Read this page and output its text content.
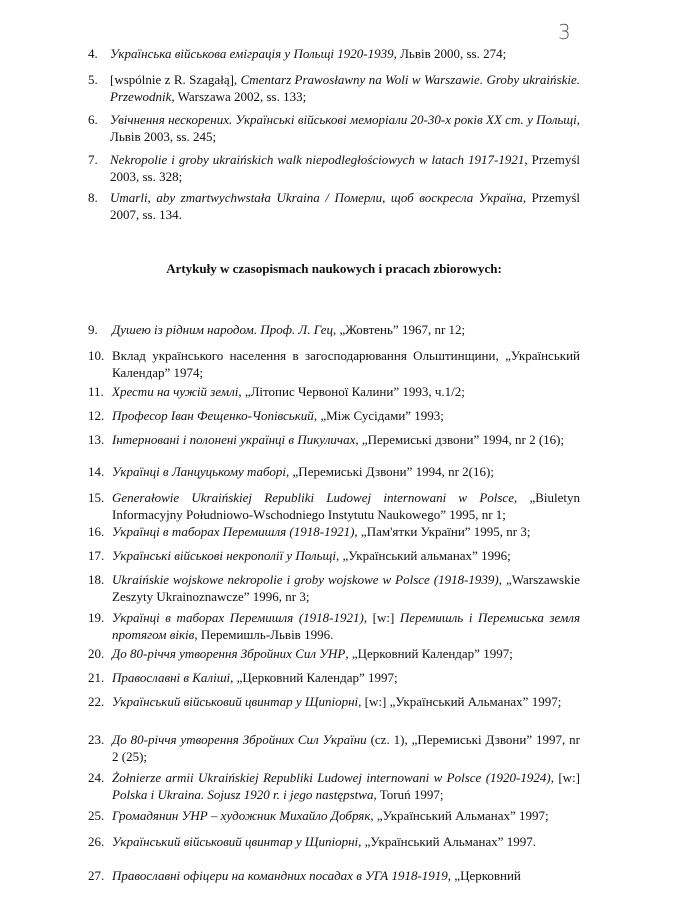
3
Artykuły w czasopismach naukowych i pracach zbiorowych:
4. Українська військова еміграція у Польщі 1920-1939, Львів 2000, ss. 274;
5. [wspólnie z R. Szagałą], Cmentarz Prawosławny na Woli w Warszawie. Groby ukraińskie. Przewodnik, Warszawa 2002, ss. 133;
6. Увічнення нескорених. Українські військові меморіали 20-30-х років XX ст. у Польщі, Львів 2003, ss. 245;
7. Nekropolie i groby ukraińskich walk niepodległościowych w latach 1917-1921, Przemyśl 2003, ss. 328;
8. Umarli, aby zmartwychwstała Ukraina / Померли, щоб воскресла Україна, Przemyśl 2007, ss. 134.
9.	Душею із рідним народом. Проф. Л. Гец, „Жовтень” 1967, nr 12;
10. Вклад українського населення в загосподарювання Ольштинщини, „Український Календар” 1974;
11. Хрести на чужій землі, „Літопис Червоної Калини” 1993, ч.1/2;
12. Професор Іван Фещенко-Чопівський, „Між Сусідами” 1993;
13. Інтерновані і полонені українці в Пикуличах, „Перемиські дзвони” 1994, nr 2 (16);
14. Українці в Ланцуцькому таборі, „Перемиські Дзвони” 1994, nr 2(16);
15. Generałowie Ukraińskiej Republiki Ludowej internowani w Polsce, „Biuletyn Informacyjny Południowo-Wschodniego Instytutu Naukowego” 1995, nr 1;
16. Українці в таборах Перемишля (1918-1921), „Пам'ятки України” 1995, nr 3;
17. Українські військові некрополії у Польщі, „Український альманах” 1996;
18. Ukraińskie wojskowe nekropolie i groby wojskowe w Polsce (1918-1939), „Warszawskie Zeszyty Ukrainoznawcze” 1996, nr 3;
19. Українці в таборах Перемишля (1918-1921), [w:] Перемишль і Перемиська земля протягом віків, Перемишль-Львів 1996.
20. До 80-річчя утворення Збройних Сил УНР, „Церковний Календар” 1997;
21. Православні в Каліші, „Церковний Календар” 1997;
22. Український військовий цвинтар у Щипіорні, [w:] „Український Альманах” 1997;
23. До 80-річчя утворення Збройних Сил України (cz. 1), „Перемиські Дзвони” 1997, nr 2 (25);
24. Żołnierze armii Ukraińskiej Republiki Ludowej internowani w Polsce (1920-1924), [w:] Polska i Ukraina. Sojusz 1920 r. i jego następstwa, Toruń 1997;
25. Громадянин УНР – художник Михайло Добряк, „Український Альманах” 1997;
26. Український військовий цвинтар у Щипіорні, „Український Альманах” 1997.
27. Православні офіцери на командних посадах в УГА 1918-1919, „Церковний
